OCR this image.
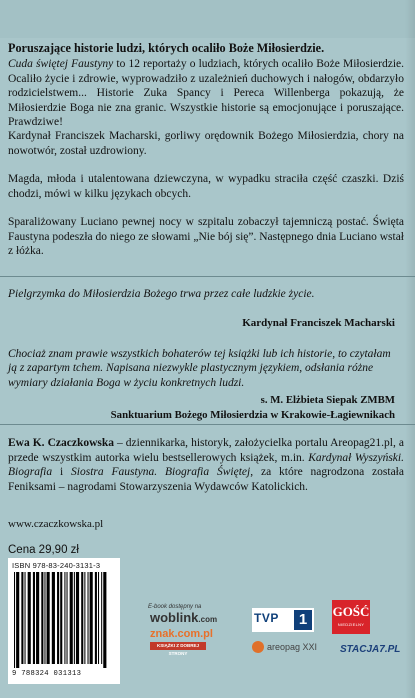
Poruszające historie ludzi, których ocaliło Boże Miłosierdzie.
Cuda świętej Faustyny to 12 reportaży o ludziach, których ocaliło Boże Miłosierdzie. Ocaliło życie i zdrowie, wyprowadziło z uzależnień duchowych i nałogów, obdarzyło rodzicielstwem... Historie Zuka Spancy i Pereca Willenberga pokazują, że Miłosierdzie Boga nie zna granic. Wszystkie historie są emocjonujące i poruszające. Prawdziwe!
Kardynał Franciszek Macharski, gorliwy orędownik Bożego Miłosierdzia, chory na nowotwór, został uzdrowiony.
Magda, młoda i utalentowana dziewczyna, w wypadku straciła część czaszki. Dziś chodzi, mówi w kilku językach obcych.
Sparaliżowany Luciano pewnej nocy w szpitalu zobaczył tajemniczą postać. Święta Faustyna podeszła do niego ze słowami „Nie bój się”. Następnego dnia Luciano wstał z łóżka.
Pielgrzymka do Miłosierdzia Bożego trwa przez całe ludzkie życie.
Kardynał Franciszek Macharski
Chociaż znam prawie wszystkich bohaterów tej książki lub ich historie, to czytałam ją z zapartym tchem. Napisana niezwykle plastycznym językiem, odsłania różne wymiary działania Boga w życiu konkretnych ludzi.
s. M. Elżbieta Siepak ZMBM
Sanktuarium Bożego Miłosierdzia w Krakowie-Łagiewnikach
Ewa K. Czaczkowska – dziennikarka, historyk, założycielka portalu Areopag21.pl, a przede wszystkim autorka wielu bestsellerowych książek, m.in. Kardynał Wyszyński. Biografia i Siostra Faustyna. Biografia Świętej, za które nagrodzona została Feniksami – nagrodami Stowarzyszenia Wydawców Katolickich.
www.czaczkowska.pl
Cena 29,90 zł
ISBN 978-83-240-3131-3
9 788324 031313
E-book dostępny na
woblink.com
znak.com.pl
KSIĄŻKI Z DOBREJ STRONY
TVP	1	GOŚĆ
NIEDZIELNY
areopag XXI STACJA7.PL
